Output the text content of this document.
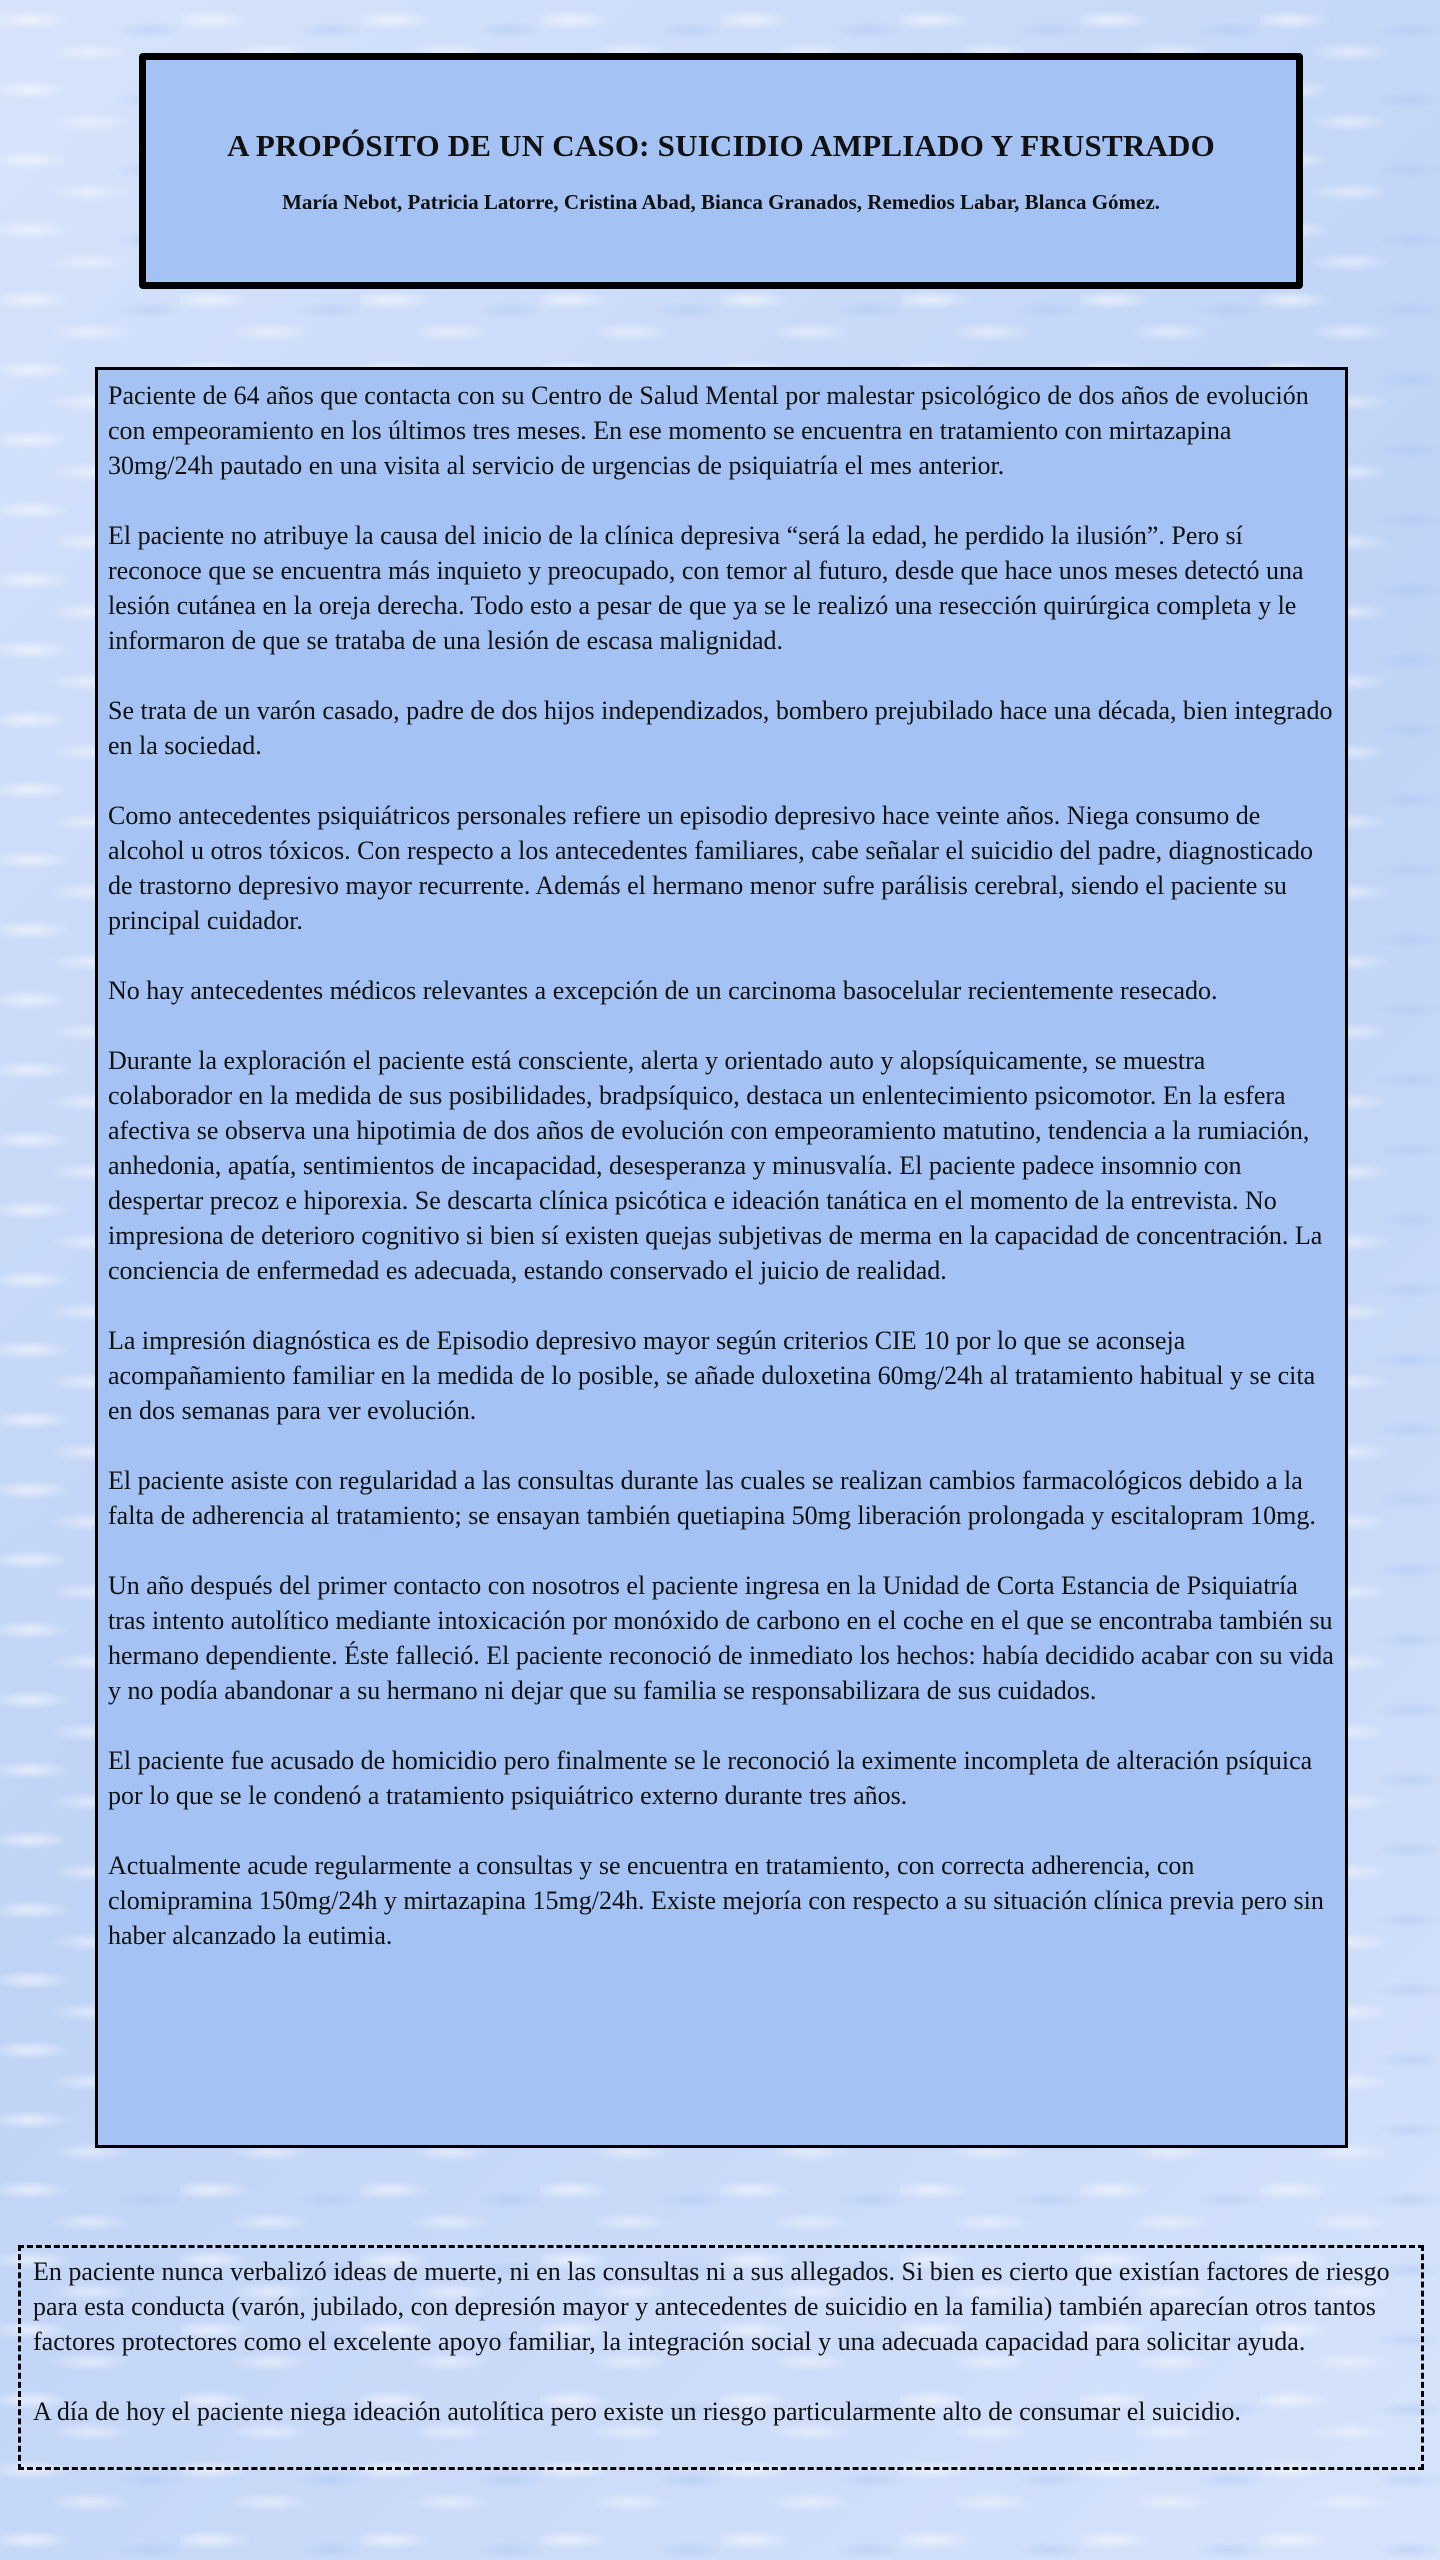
A PROPÓSITO DE UN CASO: SUICIDIO AMPLIADO Y FRUSTRADO

María Nebot, Patricia Latorre, Cristina Abad, Bianca Granados, Remedios Labar, Blanca Gómez.

Paciente de 64 años que contacta con su Centro de Salud Mental por malestar psicológico de dos años de evolución con empeoramiento en los últimos tres meses. En ese momento se encuentra en tratamiento con mirtazapina 30mg/24h pautado en una visita al servicio de urgencias de psiquiatría el mes anterior.

El paciente no atribuye la causa del inicio de la clínica depresiva “será la edad, he perdido la ilusión”. Pero sí reconoce que se encuentra más inquieto y preocupado, con temor al futuro, desde que hace unos meses detectó una lesión cutánea en la oreja derecha. Todo esto a pesar de que ya se le realizó una resección quirúrgica completa y le informaron de que se trataba de una lesión de escasa malignidad.

Se trata de un varón casado, padre de dos hijos independizados, bombero prejubilado hace una década, bien integrado en la sociedad.

Como antecedentes psiquiátricos personales refiere un episodio depresivo hace veinte años. Niega consumo de alcohol u otros tóxicos. Con respecto a los antecedentes familiares, cabe señalar el suicidio del padre, diagnosticado de trastorno depresivo mayor recurrente. Además el hermano menor sufre parálisis cerebral, siendo el paciente su principal cuidador.

No hay antecedentes médicos relevantes a excepción de un carcinoma basocelular recientemente resecado.

Durante la exploración el paciente está consciente, alerta y orientado auto y alopsíquicamente, se muestra colaborador en la medida de sus posibilidades, bradpsíquico, destaca un enlentecimiento psicomotor. En la esfera afectiva se observa una hipotimia de dos años de evolución con empeoramiento matutino, tendencia a la rumiación, anhedonia, apatía, sentimientos de incapacidad, desesperanza y minusvalía. El paciente padece insomnio con despertar precoz e hiporexia. Se descarta clínica psicótica e ideación tanática en el momento de la entrevista. No impresiona de deterioro cognitivo si bien sí existen quejas subjetivas de merma en la capacidad de concentración. La conciencia de enfermedad es adecuada, estando conservado el juicio de realidad.

La impresión diagnóstica es de Episodio depresivo mayor según criterios CIE 10 por lo que se aconseja acompañamiento familiar en la medida de lo posible, se añade duloxetina 60mg/24h al tratamiento habitual y se cita en dos semanas para ver evolución.

El paciente asiste con regularidad a las consultas durante las cuales se realizan cambios farmacológicos debido a la falta de adherencia al tratamiento; se ensayan también quetiapina 50mg liberación prolongada y escitalopram 10mg.

Un año después del primer contacto con nosotros el paciente ingresa en la Unidad de Corta Estancia de Psiquiatría tras intento autolítico mediante intoxicación por monóxido de carbono en el coche en el que se encontraba también su hermano dependiente. Éste falleció. El paciente reconoció de inmediato los hechos: había decidido acabar con su vida y no podía abandonar a su hermano ni dejar que su familia se responsabilizara de sus cuidados.

El paciente fue acusado de homicidio pero finalmente se le reconoció la eximente incompleta de alteración psíquica por lo que se le condenó a tratamiento psiquiátrico externo durante tres años.

Actualmente acude regularmente a consultas y se encuentra en tratamiento, con correcta adherencia, con clomipramina 150mg/24h y mirtazapina 15mg/24h. Existe mejoría con respecto a su situación clínica previa pero sin haber alcanzado la eutimia.

En paciente nunca verbalizó ideas de muerte, ni en las consultas ni a sus allegados. Si bien es cierto que existían factores de riesgo para esta conducta (varón, jubilado, con depresión mayor y antecedentes de suicidio en la familia) también aparecían otros tantos factores protectores como el excelente apoyo familiar, la integración social y una adecuada capacidad para solicitar ayuda.

A día de hoy el paciente niega ideación autolítica pero existe un riesgo particularmente alto de consumar el suicidio.
